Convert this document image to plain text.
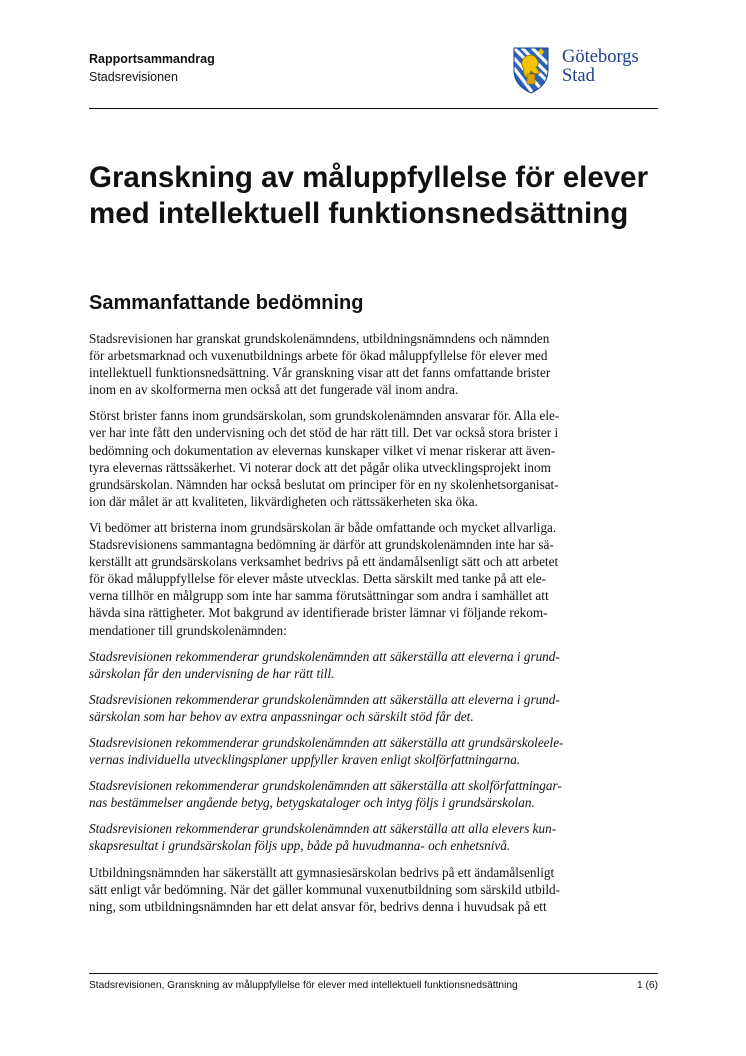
Rapportsammandrag
Stadsrevisionen
Göteborgs
Stad
Granskning av måluppfyllelse för elever med intellektuell funktionsnedsättning
Sammanfattande bedömning

Stadsrevisionen har granskat grundskolenämndens, utbildningsnämndens och nämnden
för arbetsmarknad och vuxenutbildnings arbete för ökad måluppfyllelse för elever med
intellektuell funktionsnedsättning. Vår granskning visar att det fanns omfattande brister
inom en av skolformerna men också att det fungerade väl inom andra.

Störst brister fanns inom grundsärskolan, som grundskolenämnden ansvarar för. Alla ele-
ver har inte fått den undervisning och det stöd de har rätt till. Det var också stora brister i
bedömning och dokumentation av elevernas kunskaper vilket vi menar riskerar att även-
tyra elevernas rättssäkerhet. Vi noterar dock att det pågår olika utvecklingsprojekt inom
grundsärskolan. Nämnden har också beslutat om principer för en ny skolenhetsorganisat-
ion där målet är att kvaliteten, likvärdigheten och rättssäkerheten ska öka.

Vi bedömer att bristerna inom grundsärskolan är både omfattande och mycket allvarliga.
Stadsrevisionens sammantagna bedömning är därför att grundskolenämnden inte har sä-
kerställt att grundsärskolans verksamhet bedrivs på ett ändamålsenligt sätt och att arbetet
för ökad måluppfyllelse för elever måste utvecklas. Detta särskilt med tanke på att ele-
verna tillhör en målgrupp som inte har samma förutsättningar som andra i samhället att
hävda sina rättigheter. Mot bakgrund av identifierade brister lämnar vi följande rekom-
mendationer till grundskolenämnden:

Stadsrevisionen rekommenderar grundskolenämnden att säkerställa att eleverna i grund-
särskolan får den undervisning de har rätt till.

Stadsrevisionen rekommenderar grundskolenämnden att säkerställa att eleverna i grund-
särskolan som har behov av extra anpassningar och särskilt stöd får det.

Stadsrevisionen rekommenderar grundskolenämnden att säkerställa att grundsärskoleele-
vernas individuella utvecklingsplaner uppfyller kraven enligt skolförfattningarna.

Stadsrevisionen rekommenderar grundskolenämnden att säkerställa att skolförfattningar-
nas bestämmelser angående betyg, betygskataloger och intyg följs i grundsärskolan.

Stadsrevisionen rekommenderar grundskolenämnden att säkerställa att alla elevers kun-
skapsresultat i grundsärskolan följs upp, både på huvudmanna- och enhetsnivå.

Utbildningsnämnden har säkerställt att gymnasiesärskolan bedrivs på ett ändamålsenligt
sätt enligt vår bedömning. När det gäller kommunal vuxenutbildning som särskild utbild-
ning, som utbildningsnämnden har ett delat ansvar för, bedrivs denna i huvudsak på ett

Stadsrevisionen, Granskning av måluppfyllelse för elever med intellektuell funktionsnedsättning	1 (6)
